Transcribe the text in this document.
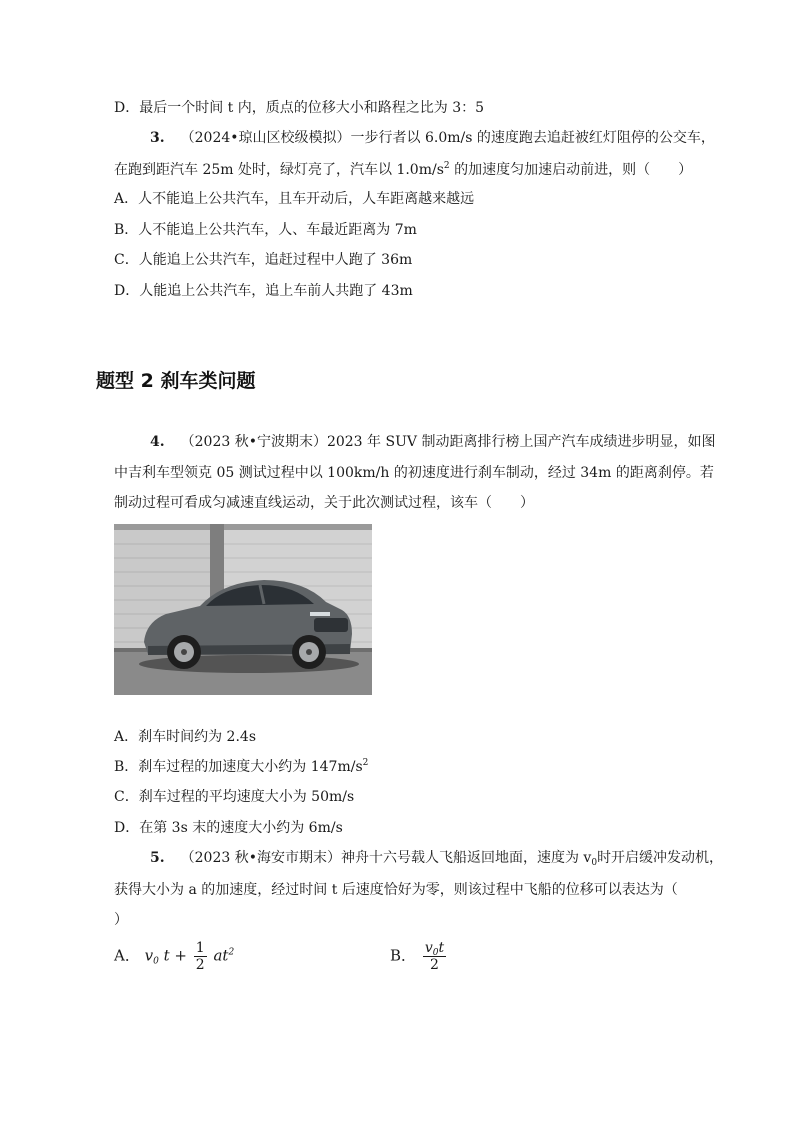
D．最后一个时间 t 内，质点的位移大小和路程之比为 3：5
3. （2024•琼山区校级模拟）一步行者以 6.0m/s 的速度跑去追赶被红灯阻停的公交车，
在跑到距汽车 25m 处时，绿灯亮了，汽车以 $1.0m/s^2$ 的加速度匀加速启动前进，则（　　）
A．人不能追上公共汽车，且车开动后，人车距离越来越远
B．人不能追上公共汽车，人、车最近距离为 7m
C．人能追上公共汽车，追赶过程中人跑了 36m
D．人能追上公共汽车，追上车前人共跑了 43m
题型 2 刹车类问题
4. （2023 秋•宁波期末）2023 年 SUV 制动距离排行榜上国产汽车成绩进步明显，如图
中吉利车型领克 05 测试过程中以 100km/h 的初速度进行刹车制动，经过 34m 的距离刹停。若
制动过程可看成匀减速直线运动，关于此次测试过程，该车（　　）
A．刹车时间约为 2.4s
B．刹车过程的加速度大小约为 $147m/s^2$
C．刹车过程的平均速度大小为 50m/s
D．在第 3s 末的速度大小约为 6m/s
5. （2023 秋•海安市期末）神舟十六号载人飞船返回地面，速度为 $v_0$时开启缓冲发动机，
获得大小为 a 的加速度，经过时间 t 后速度恰好为零，则该过程中飞船的位移可以表达为（
）
A． $v_0$ $t + \frac{1}{2} at^2$	B． $\frac{v_0t}{2}$
